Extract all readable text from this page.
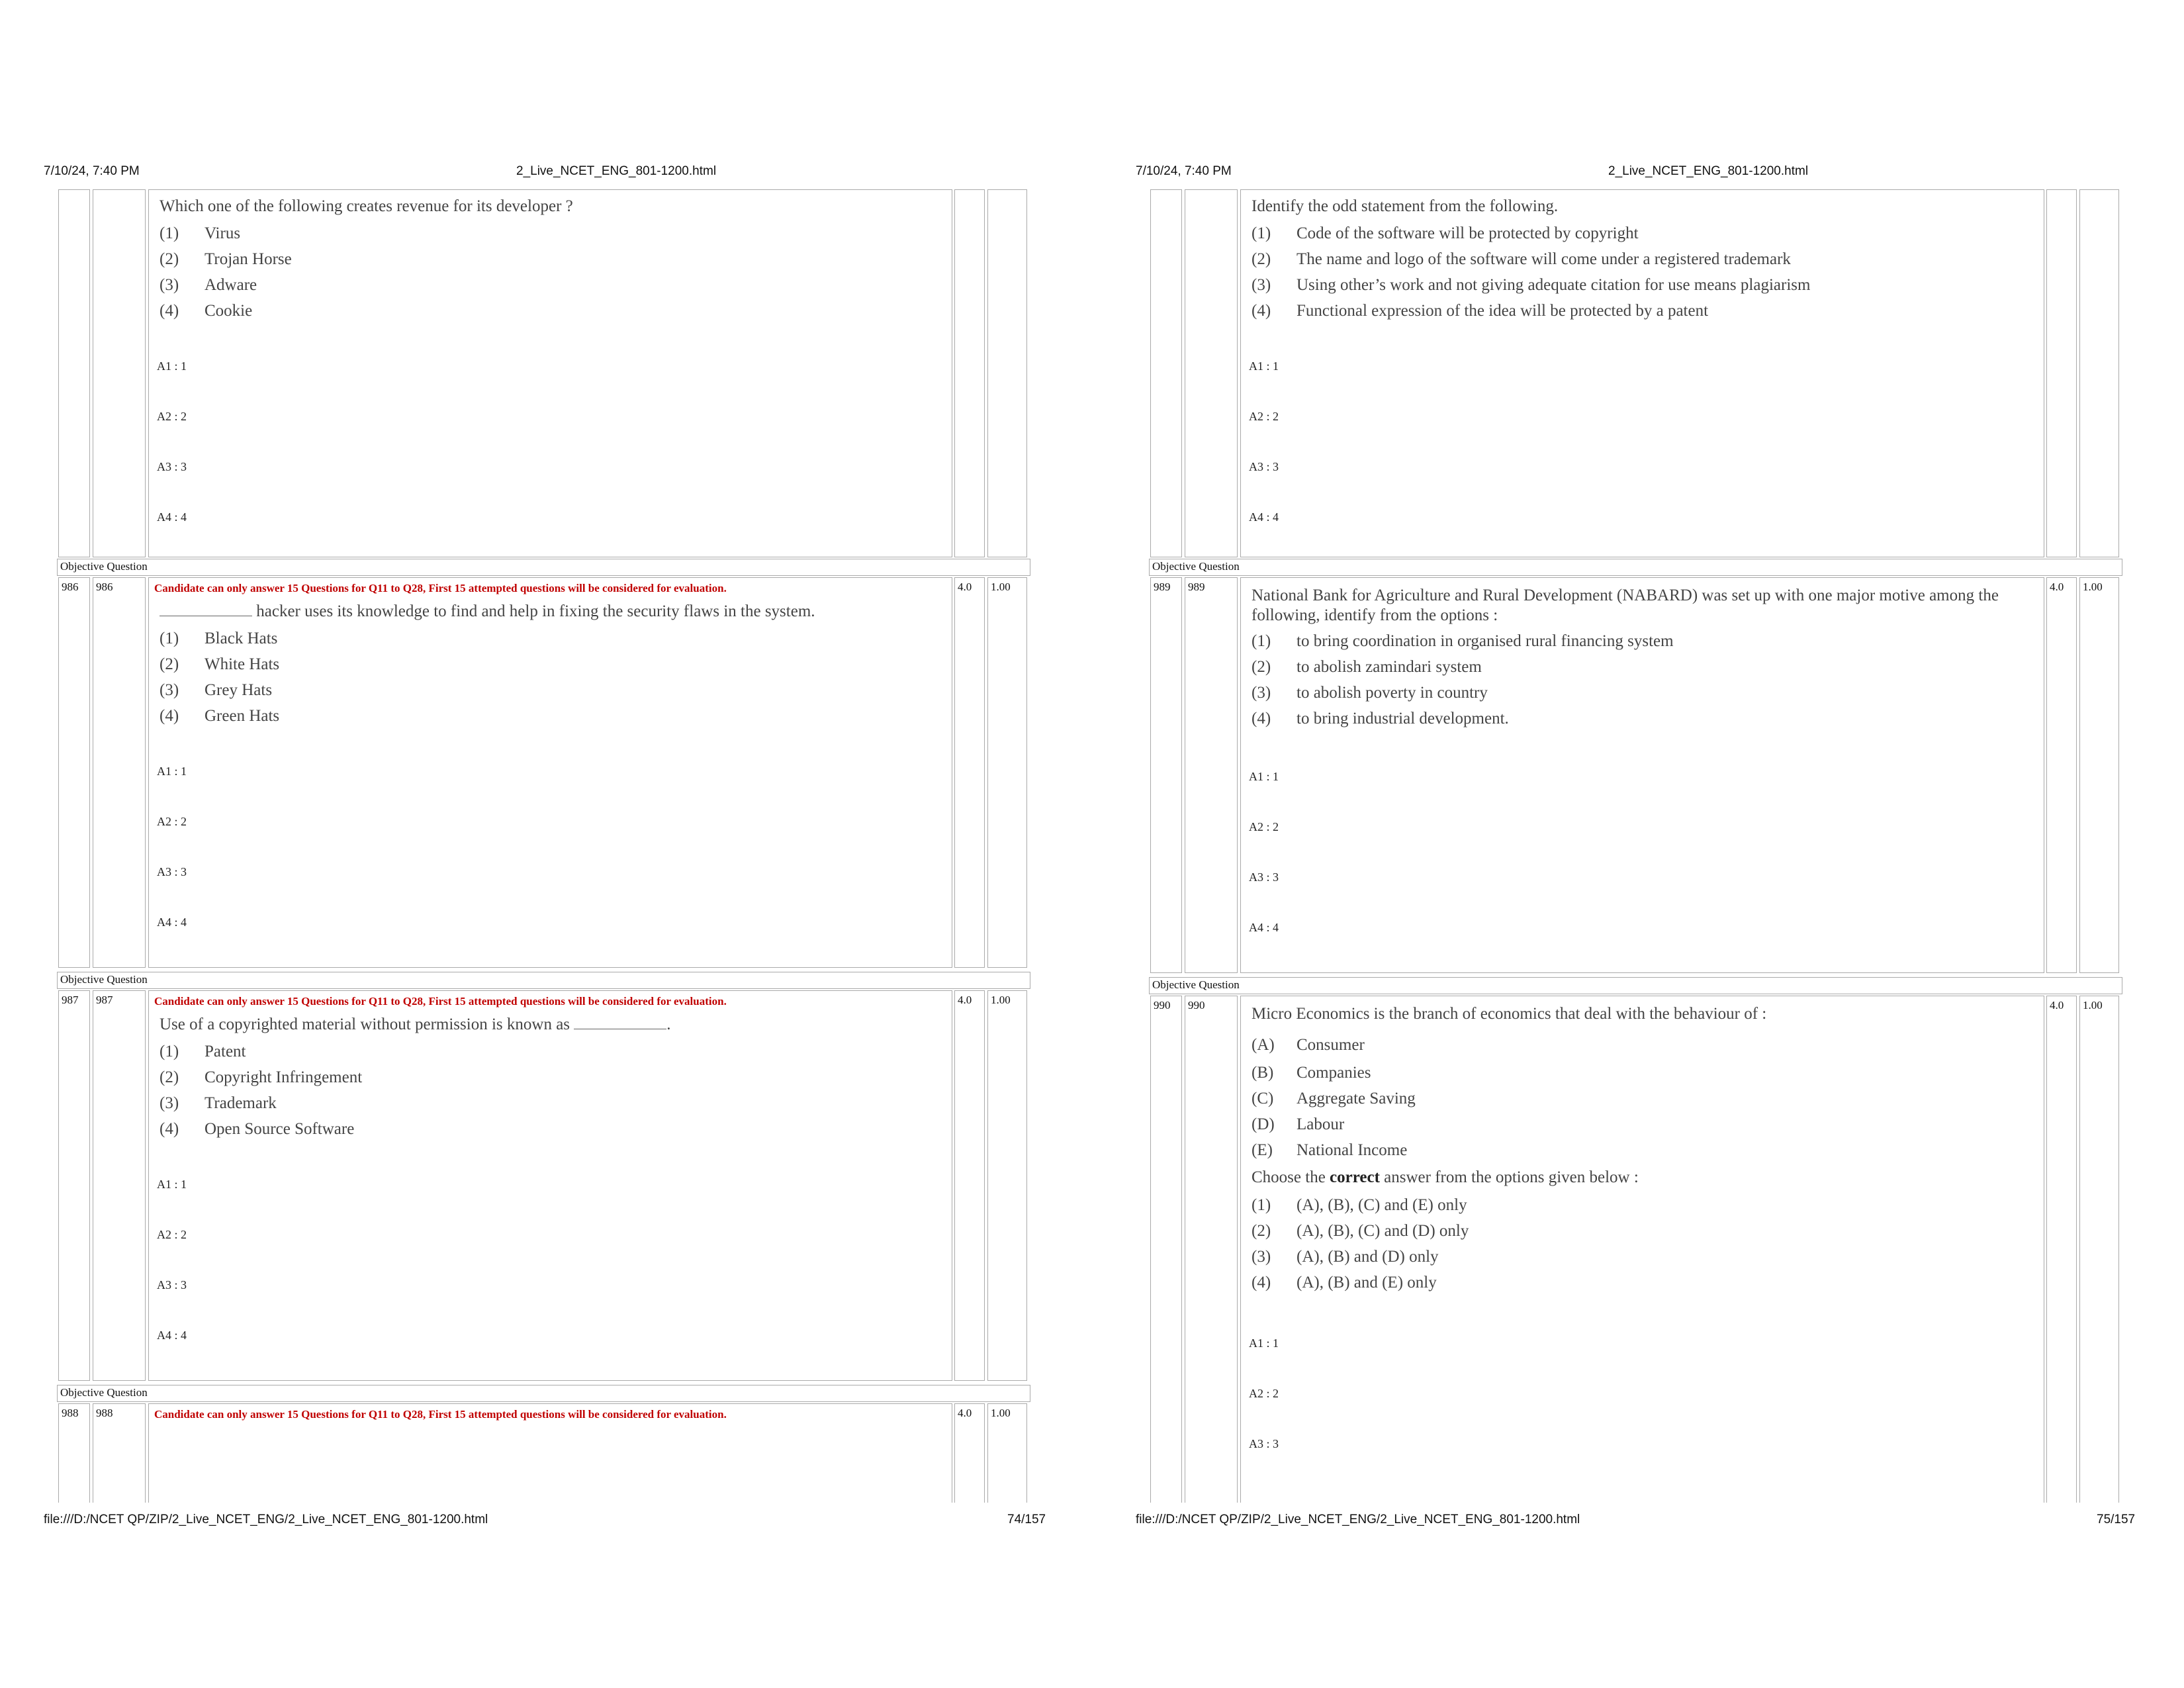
7/10/24, 7:40 PM	2_Live_NCET_ENG_801-1200.html
Which one of the following creates revenue for its developer ?
(1) Virus
(2) Trojan Horse
(3) Adware
(4) Cookie
A1 : 1
A2 : 2
A3 : 3
A4 : 4
Objective Question
986	986	Candidate can only answer 15 Questions for Q11 to Q28, First 15 attempted questions will be considered for evaluation.
hacker uses its knowledge to find and help in fixing the security flaws in the system.
(1) Black Hats
(2) White Hats
(3) Grey Hats
(4) Green Hats
A1 : 1
A2 : 2
A3 : 3
A4 : 4
4.0	1.00
Objective Question
987	987	Candidate can only answer 15 Questions for Q11 to Q28, First 15 attempted questions will be considered for evaluation.
Use of a copyrighted material without permission is known as	.
(1) Patent
(2) Copyright Infringement
(3) Trademark
(4) Open Source Software
A1 : 1
A2 : 2
A3 : 3
A4 : 4
4.0	1.00
Objective Question
988	988	Candidate can only answer 15 Questions for Q11 to Q28, First 15 attempted questions will be considered for evaluation.	4.0	1.00
file:///D:/NCET QP/ZIP/2_Live_NCET_ENG/2_Live_NCET_ENG_801-1200.html	74/157
7/10/24, 7:40 PM	2_Live_NCET_ENG_801-1200.html
Identify the odd statement from the following.
(1) Code of the software will be protected by copyright
(2) The name and logo of the software will come under a registered trademark
(3) Using other’s work and not giving adequate citation for use means plagiarism
(4) Functional expression of the idea will be protected by a patent
A1 : 1
A2 : 2
A3 : 3
A4 : 4
Objective Question
989	989	National Bank for Agriculture and Rural Development (NABARD) was set up with one major motive among the following, identify from the options :
(1) to bring coordination in organised rural financing system
(2) to abolish zamindari system
(3) to abolish poverty in country
(4) to bring industrial development.
A1 : 1
A2 : 2
A3 : 3
A4 : 4
4.0	1.00
Objective Question
990	990	Micro Economics is the branch of economics that deal with the behaviour of :
(A) Consumer
(B) Companies
(C) Aggregate Saving
(D) Labour
(E) National Income
Choose the correct answer from the options given below :
(1) (A), (B), (C) and (E) only
(2) (A), (B), (C) and (D) only
(3) (A), (B) and (D) only
(4) (A), (B) and (E) only
A1 : 1
A2 : 2
A3 : 3
4.0	1.00
file:///D:/NCET QP/ZIP/2_Live_NCET_ENG/2_Live_NCET_ENG_801-1200.html	75/157
